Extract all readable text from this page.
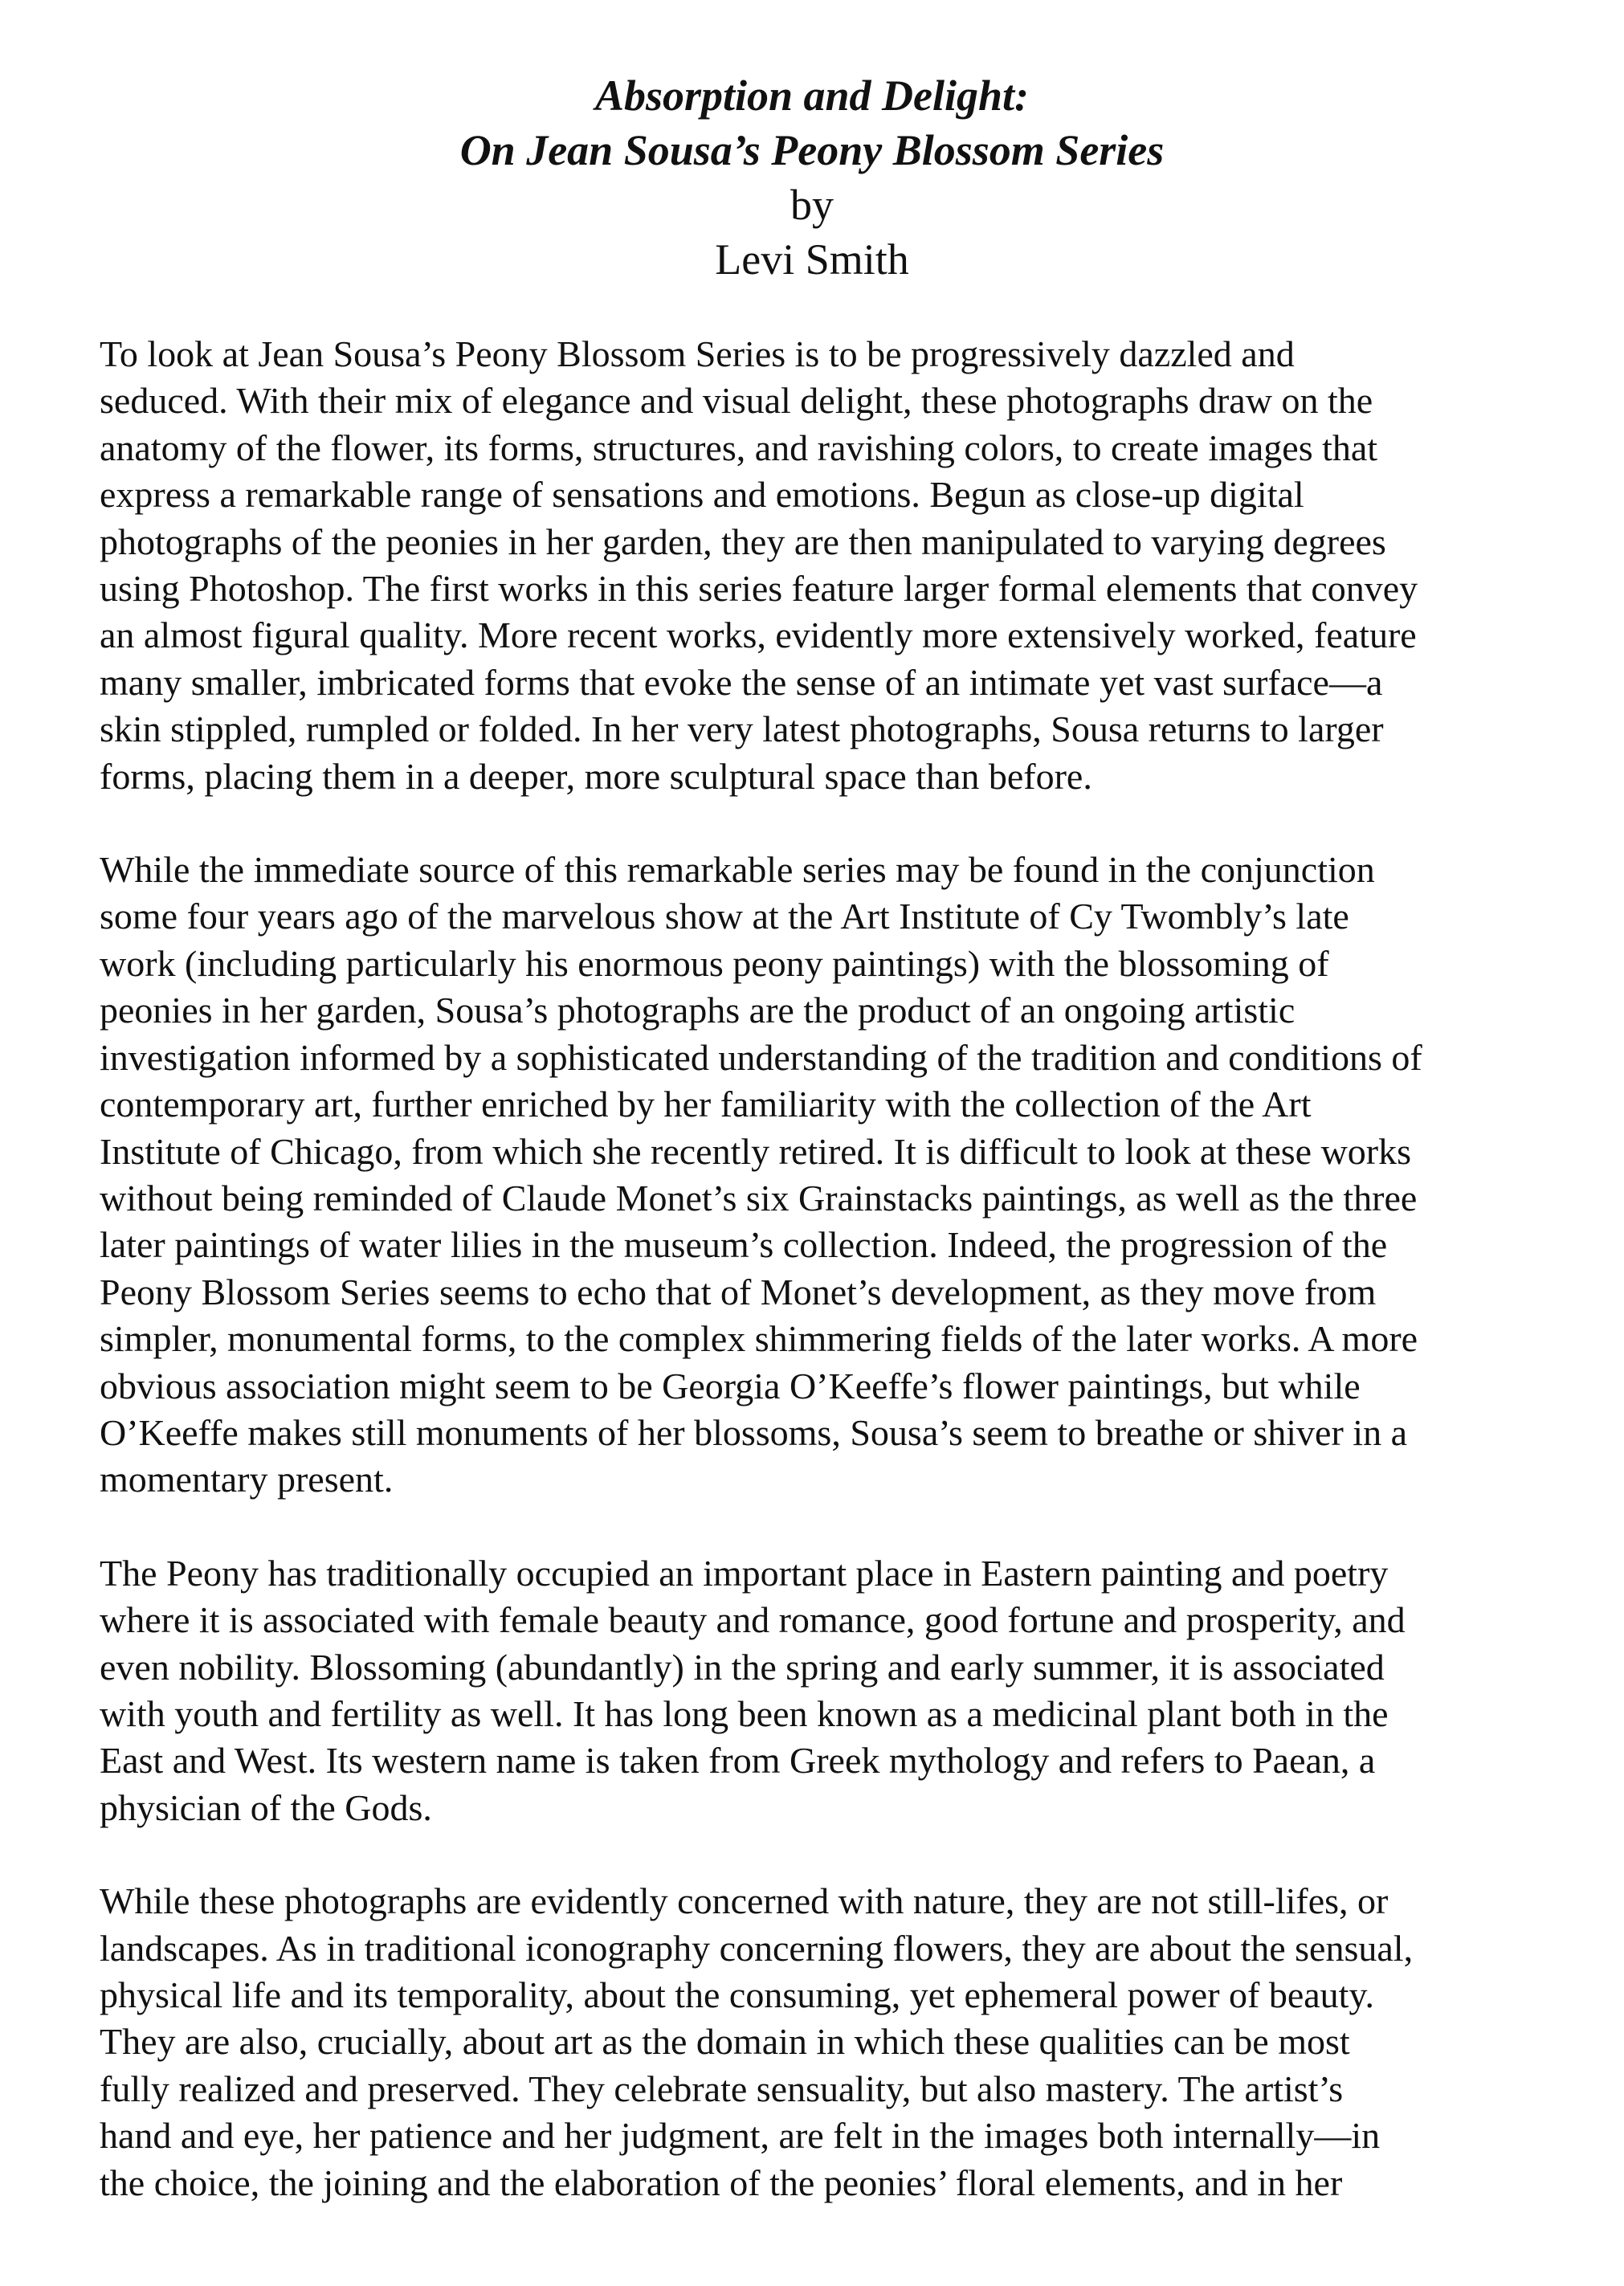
Absorption and Delight:
On Jean Sousa’s Peony Blossom Series
by
Levi Smith
To look at Jean Sousa’s Peony Blossom Series is to be progressively dazzled and
seduced. With their mix of elegance and visual delight, these photographs draw on the
anatomy of the flower, its forms, structures, and ravishing colors, to create images that
express a remarkable range of sensations and emotions. Begun as close-up digital
photographs of the peonies in her garden, they are then manipulated to varying degrees
using Photoshop. The first works in this series feature larger formal elements that convey
an almost figural quality. More recent works, evidently more extensively worked, feature
many smaller, imbricated forms that evoke the sense of an intimate yet vast surface—a
skin stippled, rumpled or folded. In her very latest photographs, Sousa returns to larger
forms, placing them in a deeper, more sculptural space than before.
While the immediate source of this remarkable series may be found in the conjunction
some four years ago of the marvelous show at the Art Institute of Cy Twombly’s late
work (including particularly his enormous peony paintings) with the blossoming of
peonies in her garden, Sousa’s photographs are the product of an ongoing artistic
investigation informed by a sophisticated understanding of the tradition and conditions of
contemporary art, further enriched by her familiarity with the collection of the Art
Institute of Chicago, from which she recently retired. It is difficult to look at these works
without being reminded of Claude Monet’s six Grainstacks paintings, as well as the three
later paintings of water lilies in the museum’s collection. Indeed, the progression of the
Peony Blossom Series seems to echo that of Monet’s development, as they move from
simpler, monumental forms, to the complex shimmering fields of the later works. A more
obvious association might seem to be Georgia O’Keeffe’s flower paintings, but while
O’Keeffe makes still monuments of her blossoms, Sousa’s seem to breathe or shiver in a
momentary present.
The Peony has traditionally occupied an important place in Eastern painting and poetry
where it is associated with female beauty and romance, good fortune and prosperity, and
even nobility. Blossoming (abundantly) in the spring and early summer, it is associated
with youth and fertility as well. It has long been known as a medicinal plant both in the
East and West. Its western name is taken from Greek mythology and refers to Paean, a
physician of the Gods.
While these photographs are evidently concerned with nature, they are not still-lifes, or
landscapes. As in traditional iconography concerning flowers, they are about the sensual,
physical life and its temporality, about the consuming, yet ephemeral power of beauty.
They are also, crucially, about art as the domain in which these qualities can be most
fully realized and preserved. They celebrate sensuality, but also mastery. The artist’s
hand and eye, her patience and her judgment, are felt in the images both internally—in
the choice, the joining and the elaboration of the peonies’ floral elements, and in her
